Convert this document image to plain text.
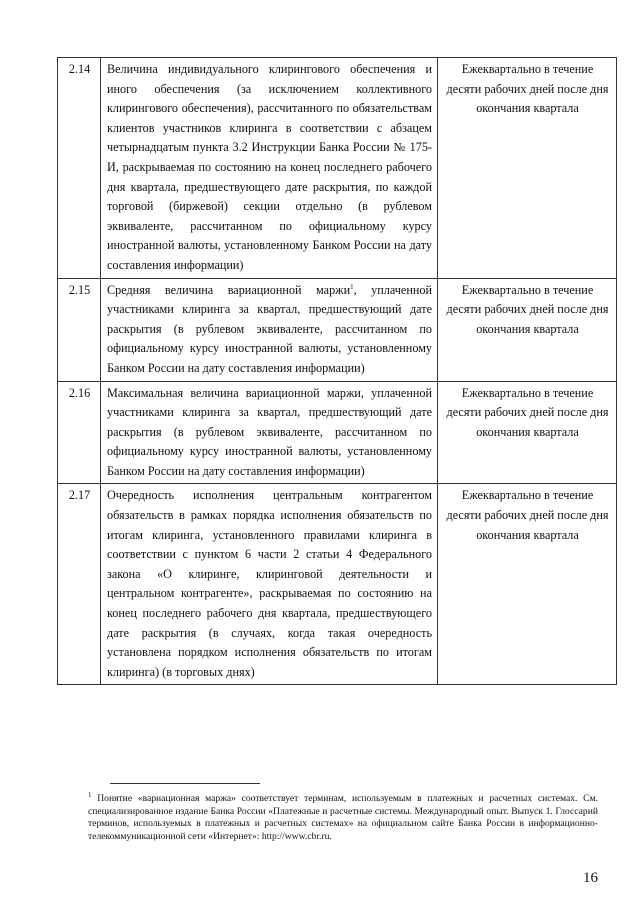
2.14	Величина индивидуального клирингового обеспечения и иного обеспечения (за исключением коллективного клирингового обеспечения), рассчитанного по обязательствам клиентов участников клиринга в соответствии с абзацем четырнадцатым пункта 3.2 Инструкции Банка России № 175-И, раскрываемая по состоянию на конец последнего рабочего дня квартала, предшествующего дате раскрытия, по каждой торговой (биржевой) секции отдельно (в рублевом эквиваленте, рассчитанном по официальному курсу иностранной валюты, установленному Банком России на дату составления информации)	Ежеквартально в течение десяти рабочих дней после дня окончания квартала
2.15	Средняя величина вариационной маржи$^1$, уплаченной участниками клиринга за квартал, предшествующий дате раскрытия (в рублевом эквиваленте, рассчитанном по официальному курсу иностранной валюты, установленному Банком России на дату составления информации)	Ежеквартально в течение десяти рабочих дней после дня окончания квартала
2.16	Максимальная величина вариационной маржи, уплаченной участниками клиринга за квартал, предшествующий дате раскрытия (в рублевом эквиваленте, рассчитанном по официальному курсу иностранной валюты, установленному Банком России на дату составления информации)	Ежеквартально в течение десяти рабочих дней после дня окончания квартала
2.17	Очередность исполнения центральным контрагентом обязательств в рамках порядка исполнения обязательств по итогам клиринга, установленного правилами клиринга в соответствии с пунктом 6 части 2 статьи 4 Федерального закона «О клиринге, клиринговой деятельности и центральном контрагенте», раскрываемая по состоянию на конец последнего рабочего дня квартала, предшествующего дате раскрытия (в случаях, когда такая очередность установлена порядком исполнения обязательств по итогам клиринга) (в торговых днях)	Ежеквартально в течение десяти рабочих дней после дня окончания квартала
$^1$ Понятие «вариационная маржа» соответствует терминам, используемым в платежных и расчетных системах. См. специализированное издание Банка России «Платежные и расчетные системы. Международный опыт. Выпуск 1. Глоссарий терминов, используемых в платежных и расчетных системах» на официальном сайте Банка России в информационно-телекоммуникационной сети «Интернет»: http://www.cbr.ru.
16
